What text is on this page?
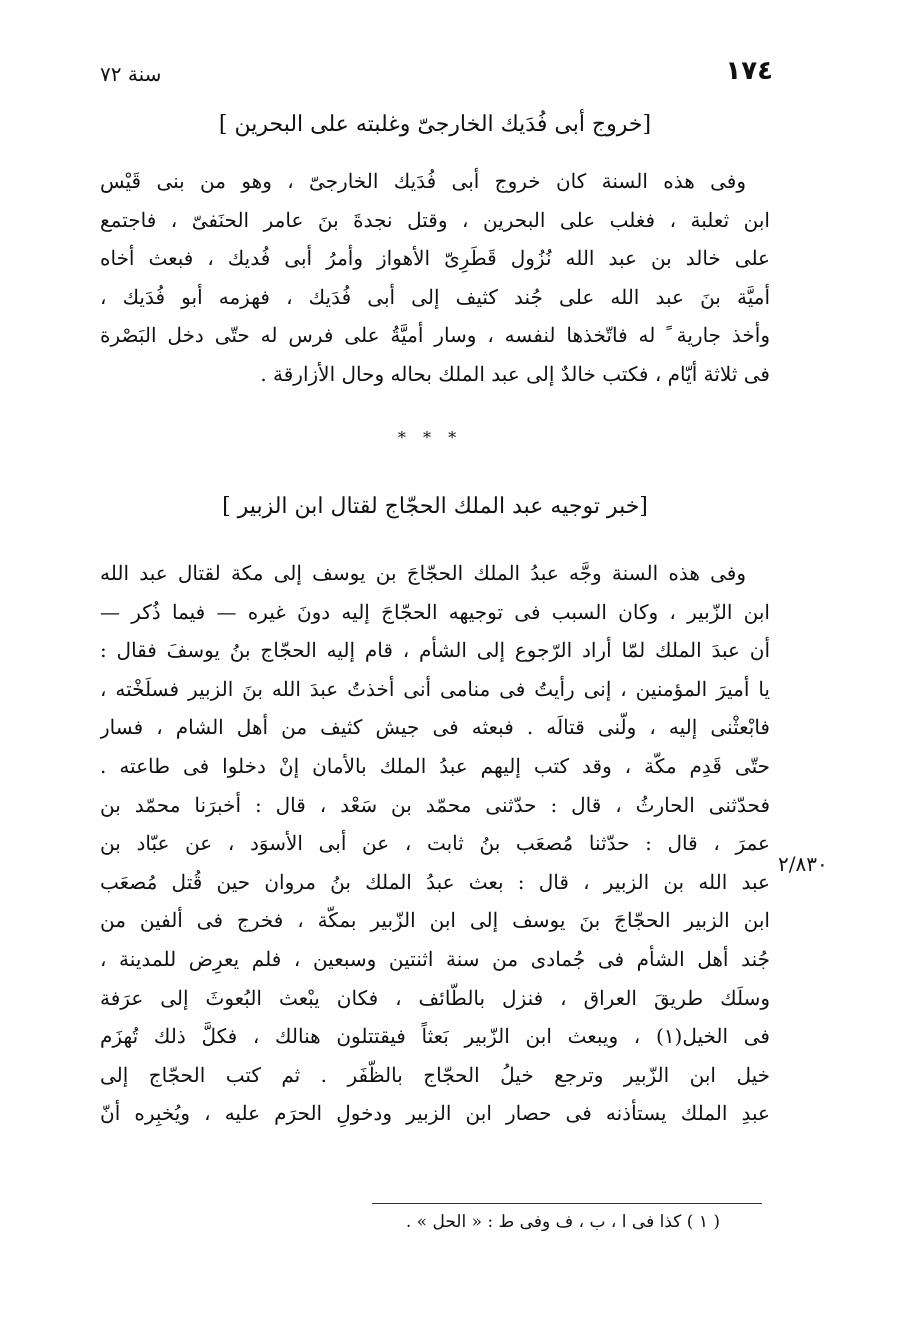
١٧٤
سنة ٧٢
[خروج أبى فُدَيك الخارجىّ وغلبته على البحرين ]
وفى هذه السنة كان خروج أبى فُدَيك الخارجىّ ، وهو من بنى قَيْس
ابن ثعلبة ، فغلب على البحرين ، وقتل نجدةَ بنَ عامر الحنَفىّ ، فاجتمع
على خالد بن عبد الله نُزُول قَطَرِىّ الأهواز وأمرُ أبى فُديك ، فبعث أخاه
أميَّة بنَ عبد الله على جُند كثيف إلى أبى فُدَيك ، فهزمه أبو فُدَيك ،
وأخذ جارية ً له فاتّخذها لنفسه ، وسار أميَّةُ على فرس له حتّى دخل البَصْرة
فى ثلاثة أيّام ، فكتب خالدٌ إلى عبد الملك بحاله وحال الأزارقة .
* * *
[خبر توجيه عبد الملك الحجّاج لقتال ابن الزبير ]
وفى هذه السنة وجَّه عبدُ الملك الحجّاجَ بن يوسف إلى مكة لقتال عبد الله
ابن الزّبير ، وكان السبب فى توجيهه الحجّاجَ إليه دونَ غيره — فيما ذُكر —
أن عبدَ الملك لمّا أراد الرّجوع إلى الشأم ، قام إليه الحجّاج بنُ يوسفَ فقال :
يا أميرَ المؤمنين ، إنى رأيتُ فى منامى أنى أخذتُ عبدَ الله بنَ الزبير فسلَخْته ،
فابْعثْنى إليه ، ولّنى قتالَه . فبعثه فى جيش كثيف من أهل الشام ، فسار
حتّى قَدِم مكّة ، وقد كتب إليهم عبدُ الملك بالأمان إنْ دخلوا فى طاعته .
فحدّثنى الحارثُ ، قال : حدّثنى محمّد بن سَعْد ، قال : أخبرَنا محمّد بن
عمرَ ، قال : حدّثنا مُصعَب بنُ ثابت ، عن أبى الأسوَد ، عن عبّاد بن
عبد الله بن الزبير ، قال : بعث عبدُ الملك بنُ مروان حين قُتل مُصعَب
ابن الزبير الحجّاجَ بنَ يوسف إلى ابن الزّبير بمكّة ، فخرج فى ألفين من
جُند أهل الشأم فى جُمادى من سنة اثنتين وسبعين ، فلم يعرِض للمدينة ،
وسلَك طريقَ العراق ، فنزل بالطّائف ، فكان يبْعث البُعوثَ إلى عرَفة
فى الخيل(١) ، ويبعث ابن الزّبير بَعثاً فيقتتلون هنالك ، فكلَّ ذلك تُهزَم
خيل ابن الزّبير وترجع خيلُ الحجّاج بالظّفَر . ثم كتب الحجّاج إلى
عبدِ الملك يستأذنه فى حصار ابن الزبير ودخولِ الحرَم عليه ، ويُخبِره أنّ
٢/٨٣٠
( ١ ) كذا فى ا ، ب ، ف وفى ط : « الحل » .
